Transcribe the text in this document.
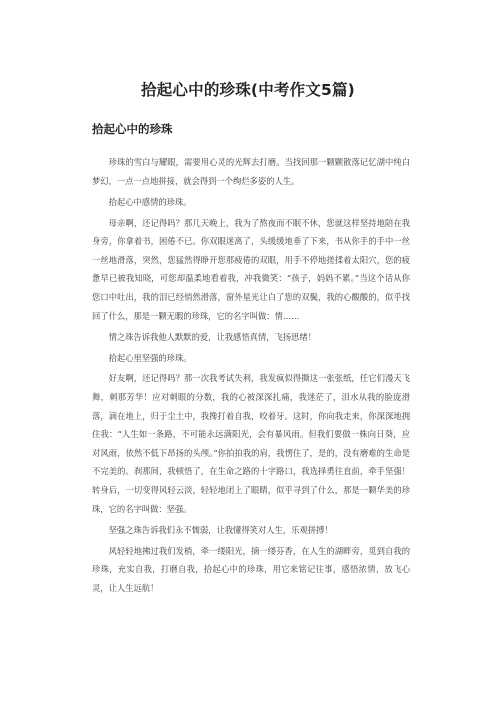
拾起心中的珍珠(中考作文5篇)
拾起心中的珍珠

珍珠的雪白与耀眼，需要用心灵的光辉去打磨。当找回那一颗颗散落记忆湖中纯白梦幻，一点一点地拼接，就会得到一个绚烂多姿的人生。

拾起心中感情的珍珠。

母亲啊，还记得吗？那几天晚上，我为了熬夜而不眠不休，您就这样坚持地陪在我身旁，你拿着书，困倦不已。你双眼迷离了，头缓缓地垂了下来，书从你手的手中一丝一丝地滑落，突然，您猛然得睁开您那疲倦的双眼，用手不停地搓揉着太阳穴，您的疲惫早已被我知晓，可您却温柔地看着我，冲我微笑：“孩子，妈妈不累。”当这个话从你您口中吐出，我的泪已经悄然滑落，窗外星光让白了您的双鬓，我的心酸酸的，似乎找回了什么，那是一颗无暇的珍珠，它的名字叫做：情……

情之珠告诉我他人默默的爱，让我感悟真情，飞扬思绪！

拾起心里坚强的珍珠。

好友啊，还记得吗？那一次我考试失利，我发疯似得撕这一张张纸，任它们漫天飞舞，刺那芳华！应对刺眼的分数，我的心被深深扎痛，我迷茫了，泪水从我的脸庞滑落，滴在地上，归于尘土中，我搀打着自我，咬着牙。这时，你向我走来，你深深地拥住我：“人生如一条路，不可能永远满阳光，会有暴风雨。但我们要做一株向日葵，应对风雨，依然不低下昂扬的头颅。”你拍拍我的肩，我愣住了，是的，没有磨难的生命是不完美的。刹那间，我顿悟了，在生命之路的十字路口，我选择勇往直前，牵手坚强！转身后，一切变得风轻云淡，轻轻地闭上了眼睛，似乎寻到了什么，那是一颗华美的珍珠，它的名字叫做：坚强。

坚强之珠告诉我们永不懦弱，让我懂得笑对人生，乐观拼搏！

风轻轻地拂过我们发梢，牵一缕阳光，摘一缕芬香，在人生的湖畔旁，觅到自我的珍珠，充实自我，打磨自我，拾起心中的珍珠，用它来铭记往事，感悟浓情，放飞心灵，让人生远航！
